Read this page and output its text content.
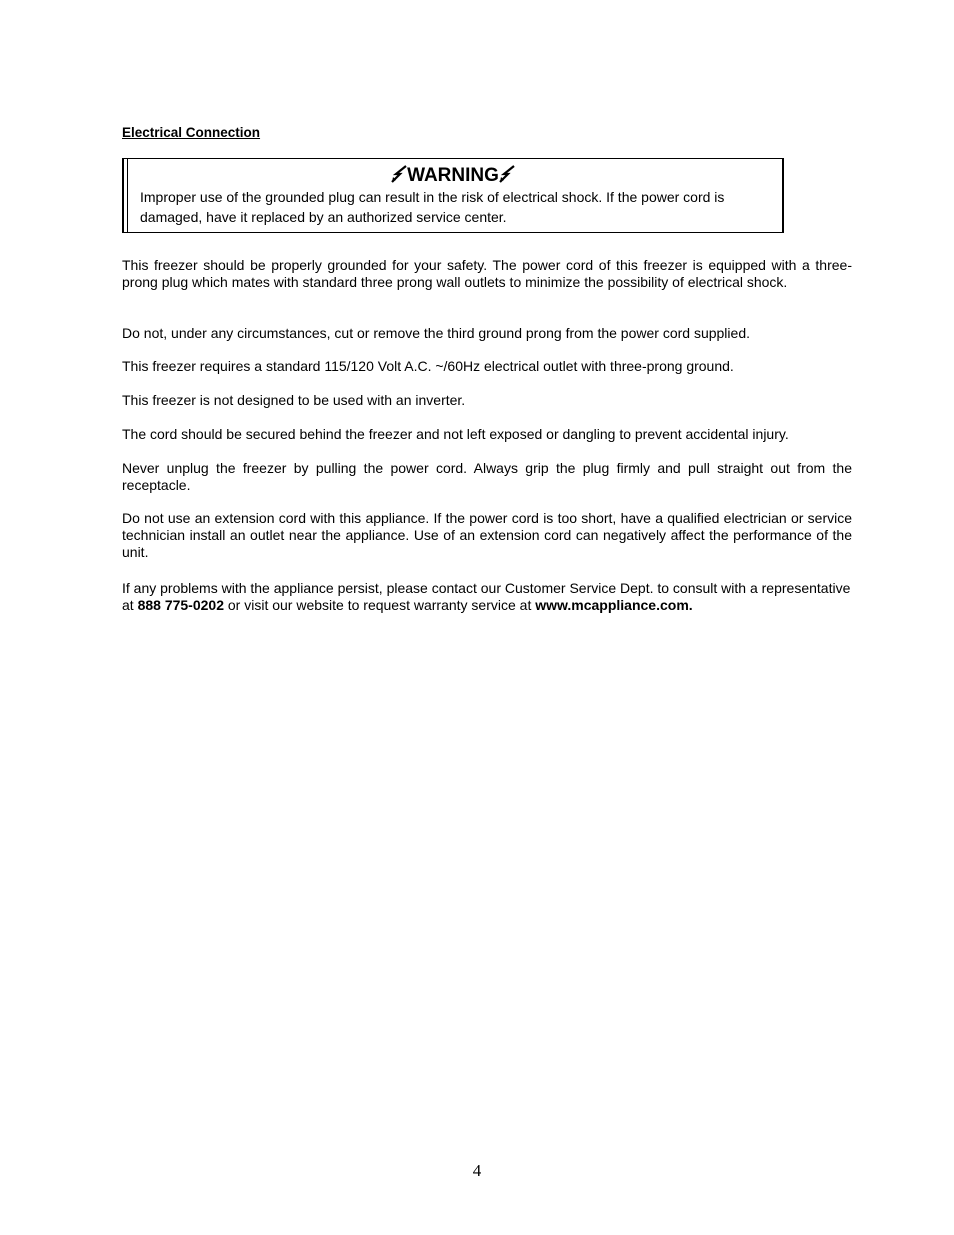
Electrical Connection
WARNING

Improper use of the grounded plug can result in the risk of electrical shock. If the power cord is damaged, have it replaced by an authorized service center.

This freezer should be properly grounded for your safety. The power cord of this freezer is equipped with a three-prong plug which mates with standard three prong wall outlets to minimize the possibility of electrical shock.

Do not, under any circumstances, cut or remove the third ground prong from the power cord supplied.

This freezer requires a standard 115/120 Volt A.C. ~/60Hz electrical outlet with three-prong ground.

This freezer is not designed to be used with an inverter.

The cord should be secured behind the freezer and not left exposed or dangling to prevent accidental injury.

Never unplug the freezer by pulling the power cord. Always grip the plug firmly and pull straight out from the receptacle.

Do not use an extension cord with this appliance. If the power cord is too short, have a qualified electrician or service technician install an outlet near the appliance. Use of an extension cord can negatively affect the performance of the unit.

If any problems with the appliance persist, please contact our Customer Service Dept. to consult with a representative at 888 775-0202 or visit our website to request warranty service at www.mcappliance.com.

4
